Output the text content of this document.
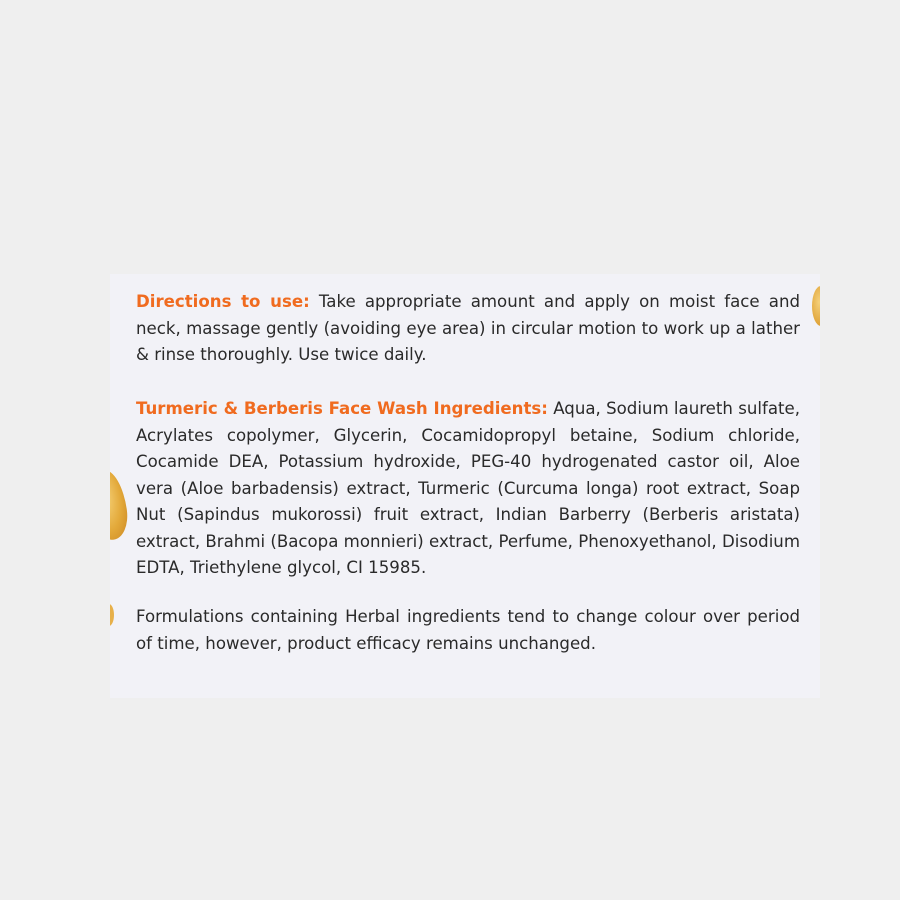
Directions to use: Take appropriate amount and apply on moist face and neck, massage gently (avoiding eye area) in circular motion to work up a lather & rinse thoroughly. Use twice daily.

Turmeric & Berberis Face Wash Ingredients: Aqua, Sodium laureth sulfate, Acrylates copolymer, Glycerin, Cocamidopropyl betaine, Sodium chloride, Cocamide DEA, Potassium hydroxide, PEG-40 hydrogenated castor oil, Aloe vera (Aloe barbadensis) extract, Turmeric (Curcuma longa) root extract, Soap Nut (Sapindus mukorossi) fruit extract, Indian Barberry (Berberis aristata) extract, Brahmi (Bacopa monnieri) extract, Perfume, Phenoxyethanol, Disodium EDTA, Triethylene glycol, CI 15985.

Formulations containing Herbal ingredients tend to change colour over period of time, however, product efficacy remains unchanged.
